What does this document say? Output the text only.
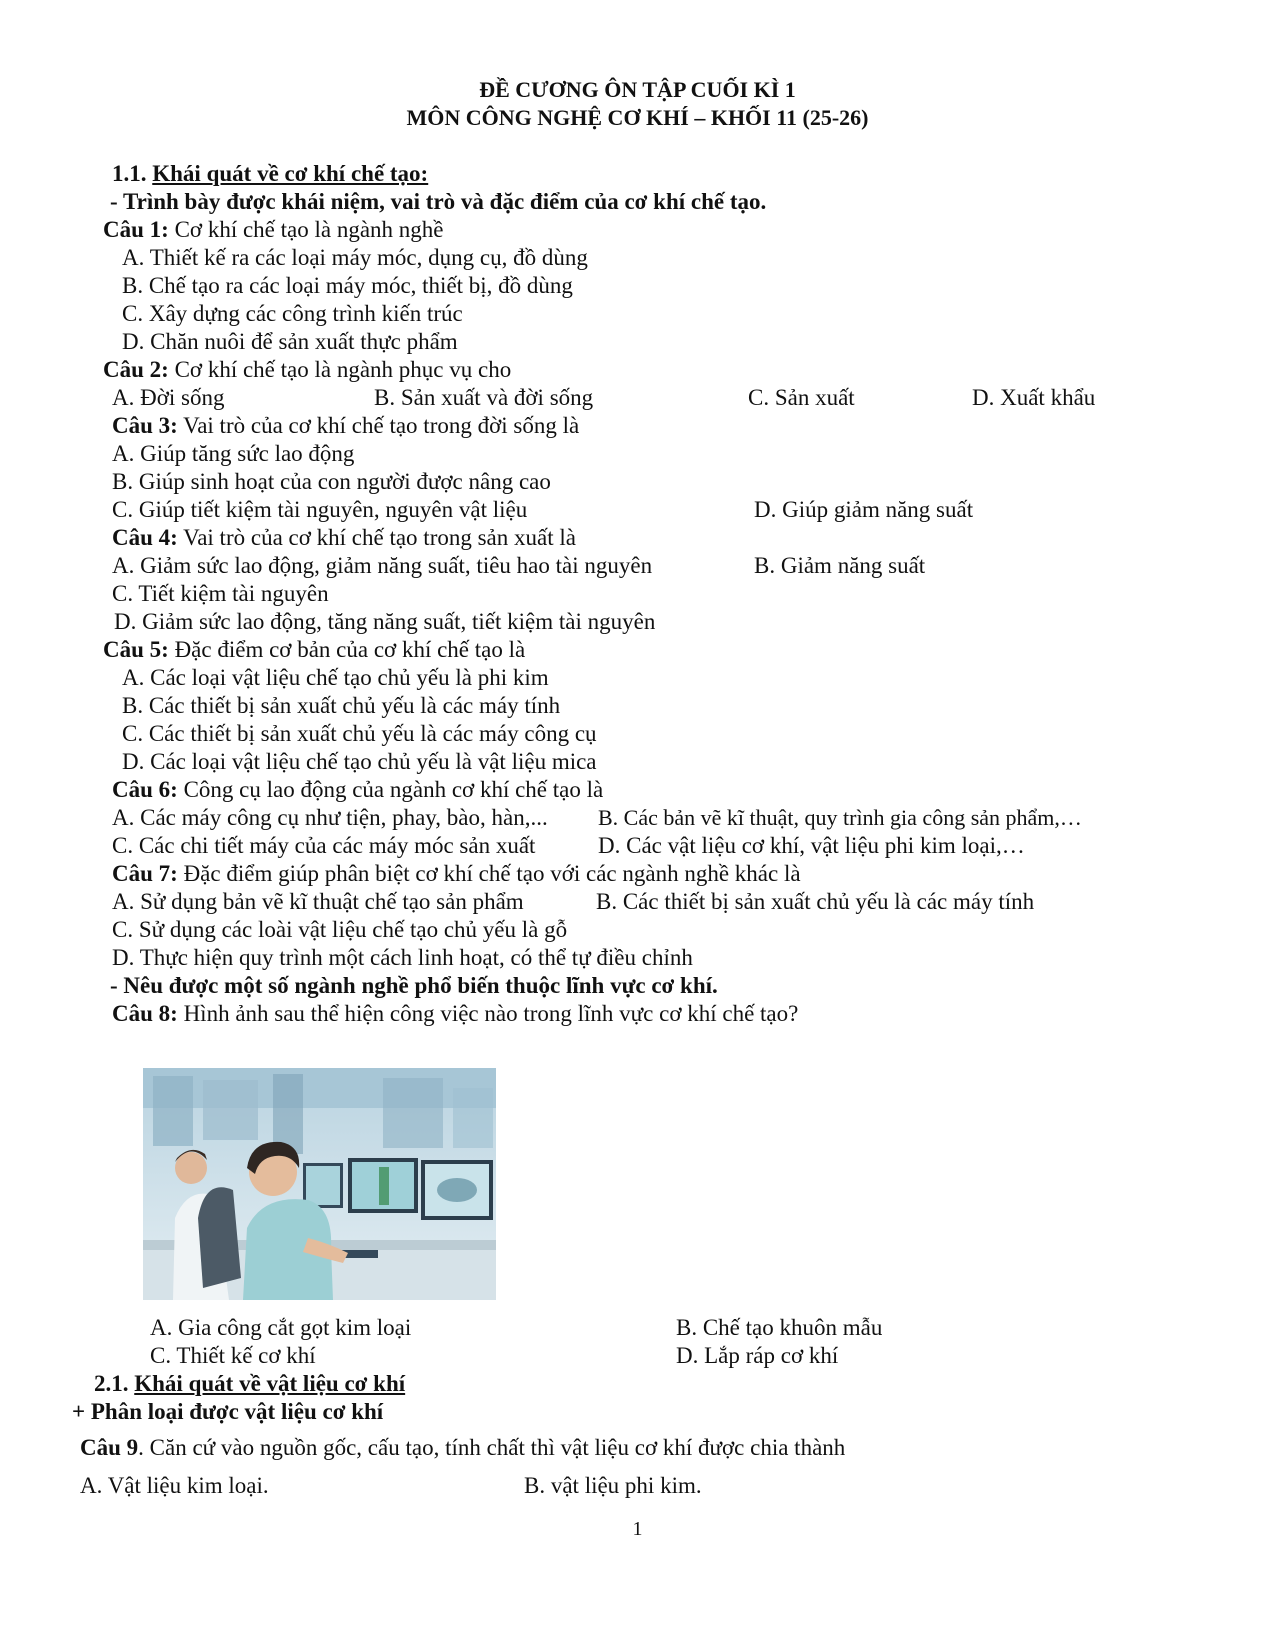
ĐỀ CƯƠNG ÔN TẬP CUỐI KÌ 1
MÔN CÔNG NGHỆ CƠ KHÍ – KHỐI 11 (25-26)
1.1. Khái quát về cơ khí chế tạo:
- Trình bày được khái niệm, vai trò và đặc điểm của cơ khí chế tạo.
Câu 1: Cơ khí chế tạo là ngành nghề
A. Thiết kế ra các loại máy móc, dụng cụ, đồ dùng
B. Chế tạo ra các loại máy móc, thiết bị, đồ dùng
C. Xây dựng các công trình kiến trúc
D. Chăn nuôi để sản xuất thực phẩm
Câu 2: Cơ khí chế tạo là ngành phục vụ cho
A. Đời sống	B. Sản xuất và đời sống	C. Sản xuất	D. Xuất khẩu
Câu 3: Vai trò của cơ khí chế tạo trong đời sống là
A. Giúp tăng sức lao động
B. Giúp sinh hoạt của con người được nâng cao
C. Giúp tiết kiệm tài nguyên, nguyên vật liệu	D. Giúp giảm năng suất
Câu 4: Vai trò của cơ khí chế tạo trong sản xuất là
A. Giảm sức lao động, giảm năng suất, tiêu hao tài nguyên	B. Giảm năng suất
C. Tiết kiệm tài nguyên
D. Giảm sức lao động, tăng năng suất, tiết kiệm tài nguyên
Câu 5: Đặc điểm cơ bản của cơ khí chế tạo là
A. Các loại vật liệu chế tạo chủ yếu là phi kim
B. Các thiết bị sản xuất chủ yếu là các máy tính
C. Các thiết bị sản xuất chủ yếu là các máy công cụ
D. Các loại vật liệu chế tạo chủ yếu là vật liệu mica
Câu 6: Công cụ lao động của ngành cơ khí chế tạo là
A. Các máy công cụ như tiện, phay, bào, hàn,... B. Các bản vẽ kĩ thuật, quy trình gia công sản phẩm,…
C. Các chi tiết máy của các máy móc sản xuất	D. Các vật liệu cơ khí, vật liệu phi kim loại,…
Câu 7: Đặc điểm giúp phân biệt cơ khí chế tạo với các ngành nghề khác là
A. Sử dụng bản vẽ kĩ thuật chế tạo sản phẩm	B. Các thiết bị sản xuất chủ yếu là các máy tính
C. Sử dụng các loài vật liệu chế tạo chủ yếu là gỗ
D. Thực hiện quy trình một cách linh hoạt, có thể tự điều chỉnh
- Nêu được một số ngành nghề phổ biến thuộc lĩnh vực cơ khí.
Câu 8: Hình ảnh sau thể hiện công việc nào trong lĩnh vực cơ khí chế tạo?
A. Gia công cắt gọt kim loại	B. Chế tạo khuôn mẫu
C. Thiết kế cơ khí	D. Lắp ráp cơ khí
2.1. Khái quát về vật liệu cơ khí
+ Phân loại được vật liệu cơ khí
Câu 9. Căn cứ vào nguồn gốc, cấu tạo, tính chất thì vật liệu cơ khí được chia thành
A. Vật liệu kim loại.	B. vật liệu phi kim.
1
